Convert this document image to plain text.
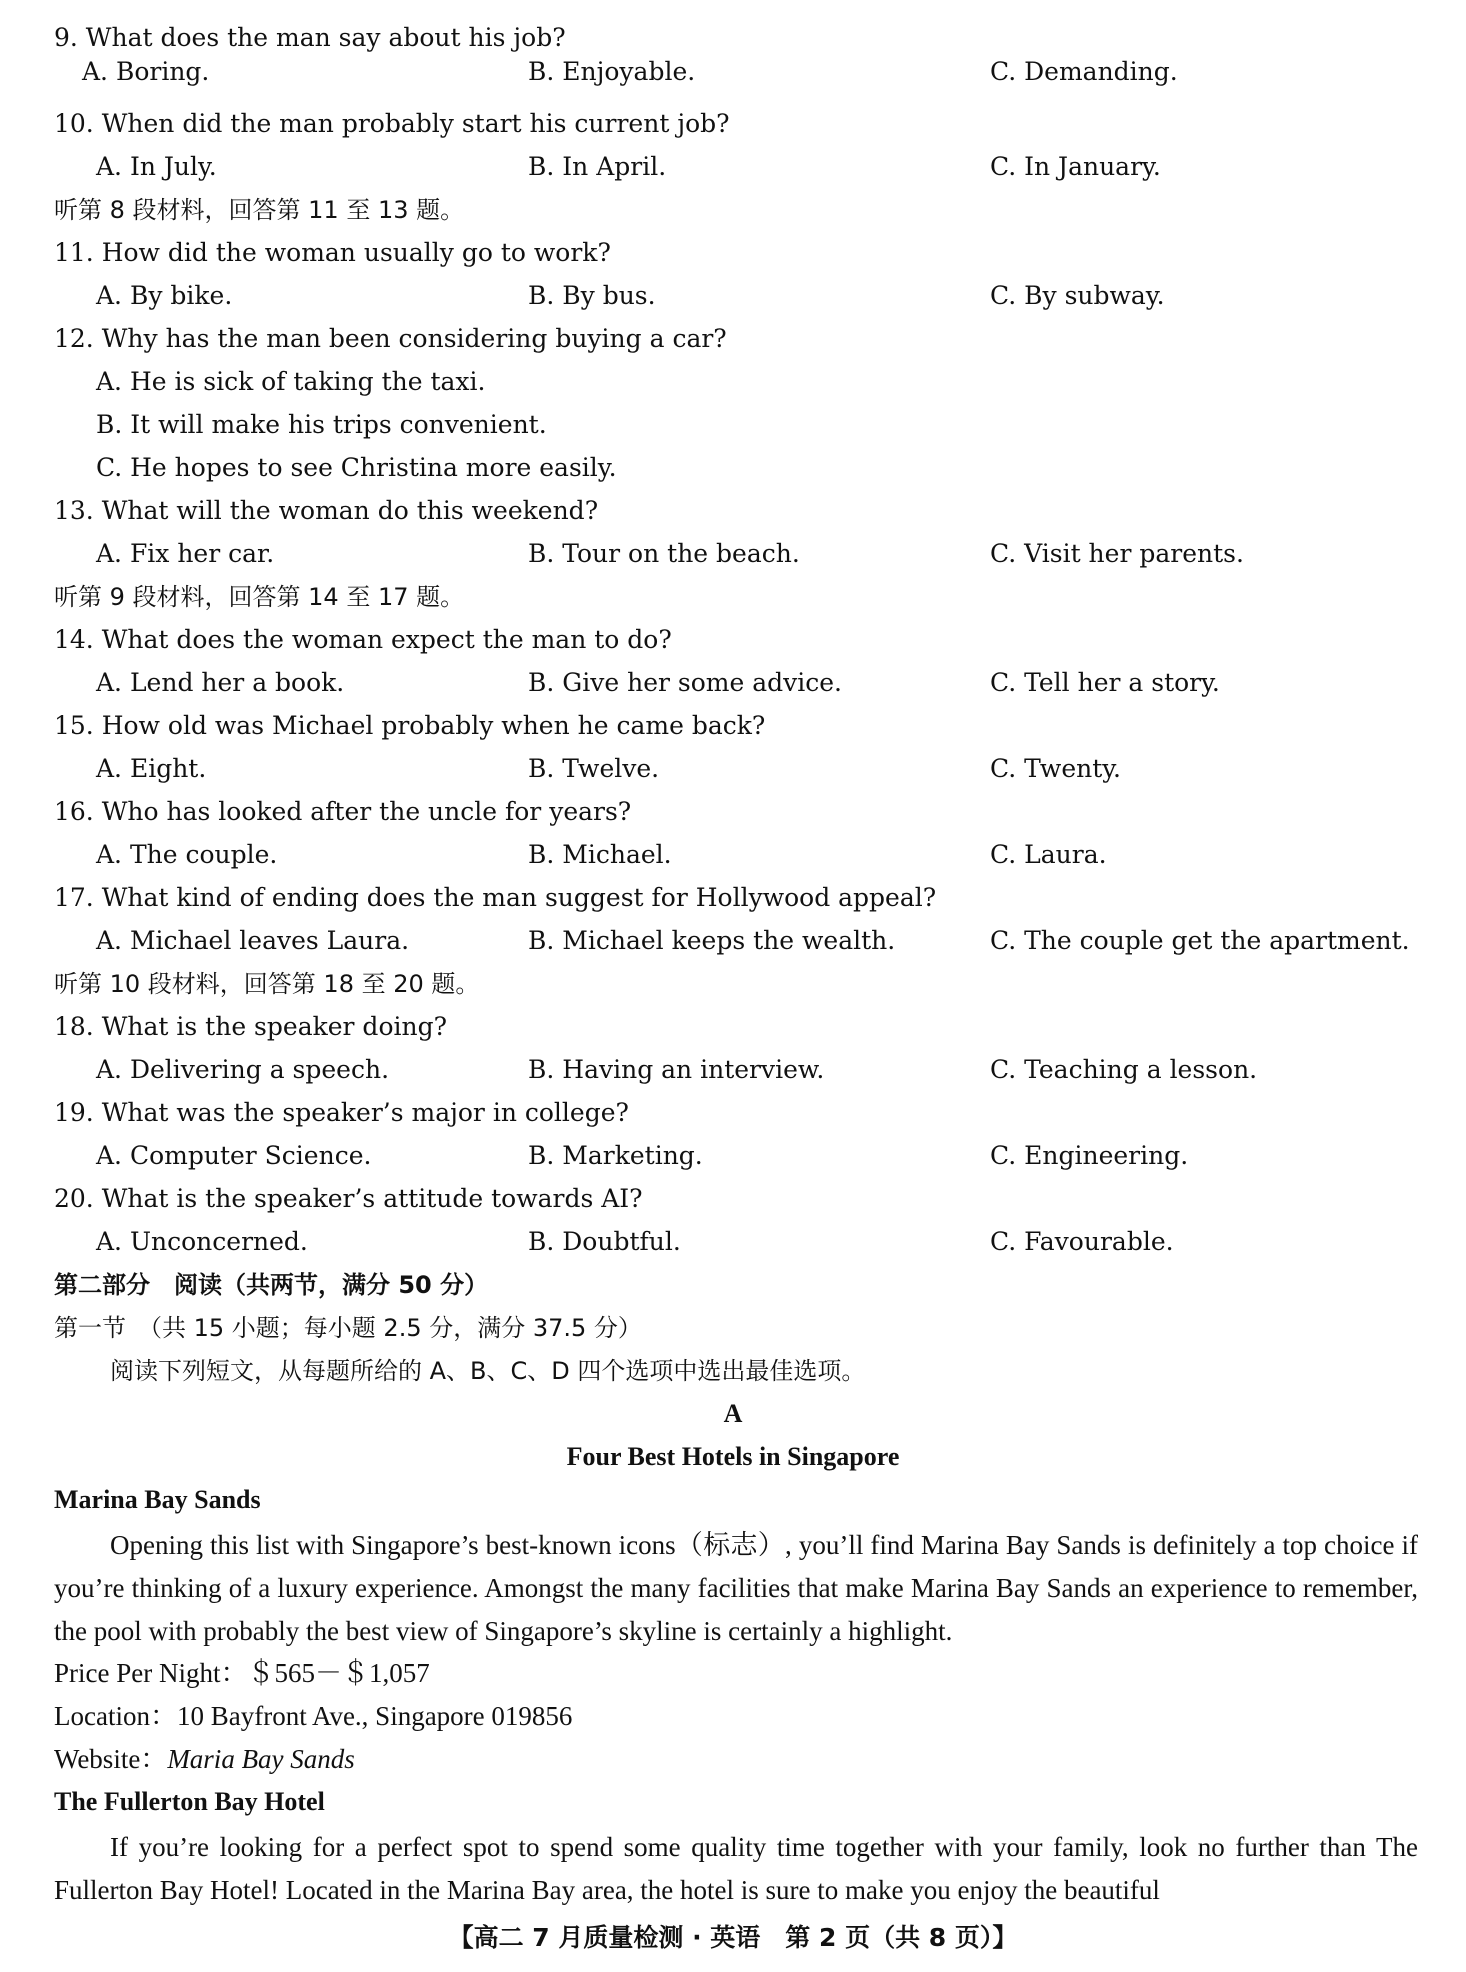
9. What does the man say about his job?
A. Boring.	B. Enjoyable.	C. Demanding.
10. When did the man probably start his current job?
A. In July.	B. In April.	C. In January.
听第 8 段材料，回答第 11 至 13 题。
11. How did the woman usually go to work?
A. By bike.	B. By bus.	C. By subway.
12. Why has the man been considering buying a car?
A. He is sick of taking the taxi.
B. It will make his trips convenient.
C. He hopes to see Christina more easily.
13. What will the woman do this weekend?
A. Fix her car.	B. Tour on the beach.	C. Visit her parents.
听第 9 段材料，回答第 14 至 17 题。
14. What does the woman expect the man to do?
A. Lend her a book.	B. Give her some advice.	C. Tell her a story.
15. How old was Michael probably when he came back?
A. Eight.	B. Twelve.	C. Twenty.
16. Who has looked after the uncle for years?
A. The couple.	B. Michael.	C. Laura.
17. What kind of ending does the man suggest for Hollywood appeal?
A. Michael leaves Laura.	B. Michael keeps the wealth.	C. The couple get the apartment.
听第 10 段材料，回答第 18 至 20 题。
18. What is the speaker doing?
A. Delivering a speech.	B. Having an interview.	C. Teaching a lesson.
19. What was the speaker’s major in college?
A. Computer Science.	B. Marketing.	C. Engineering.
20. What is the speaker’s attitude towards AI?
A. Unconcerned.	B. Doubtful.	C. Favourable.
第二部分　阅读（共两节，满分 50 分）
第一节　（共 15 小题；每小题 2.5 分，满分 37.5 分）
阅读下列短文，从每题所给的 A、B、C、D 四个选项中选出最佳选项。
A
Four Best Hotels in Singapore
Marina Bay Sands
Opening this list with Singapore’s best-known icons（标志）, you’ll find Marina Bay Sands is definitely a top choice if you’re thinking of a luxury experience. Amongst the many facilities that make Marina Bay Sands an experience to remember, the pool with probably the best view of Singapore’s skyline is certainly a highlight.
Price Per Night：＄565－＄1,057
Location：10 Bayfront Ave., Singapore 019856
Website：Maria Bay Sands
The Fullerton Bay Hotel
If you’re looking for a perfect spot to spend some quality time together with your family, look no further than The Fullerton Bay Hotel! Located in the Marina Bay area, the hotel is sure to make you enjoy the beautiful
【高二 7 月质量检测 · 英语　第 2 页（共 8 页）】
